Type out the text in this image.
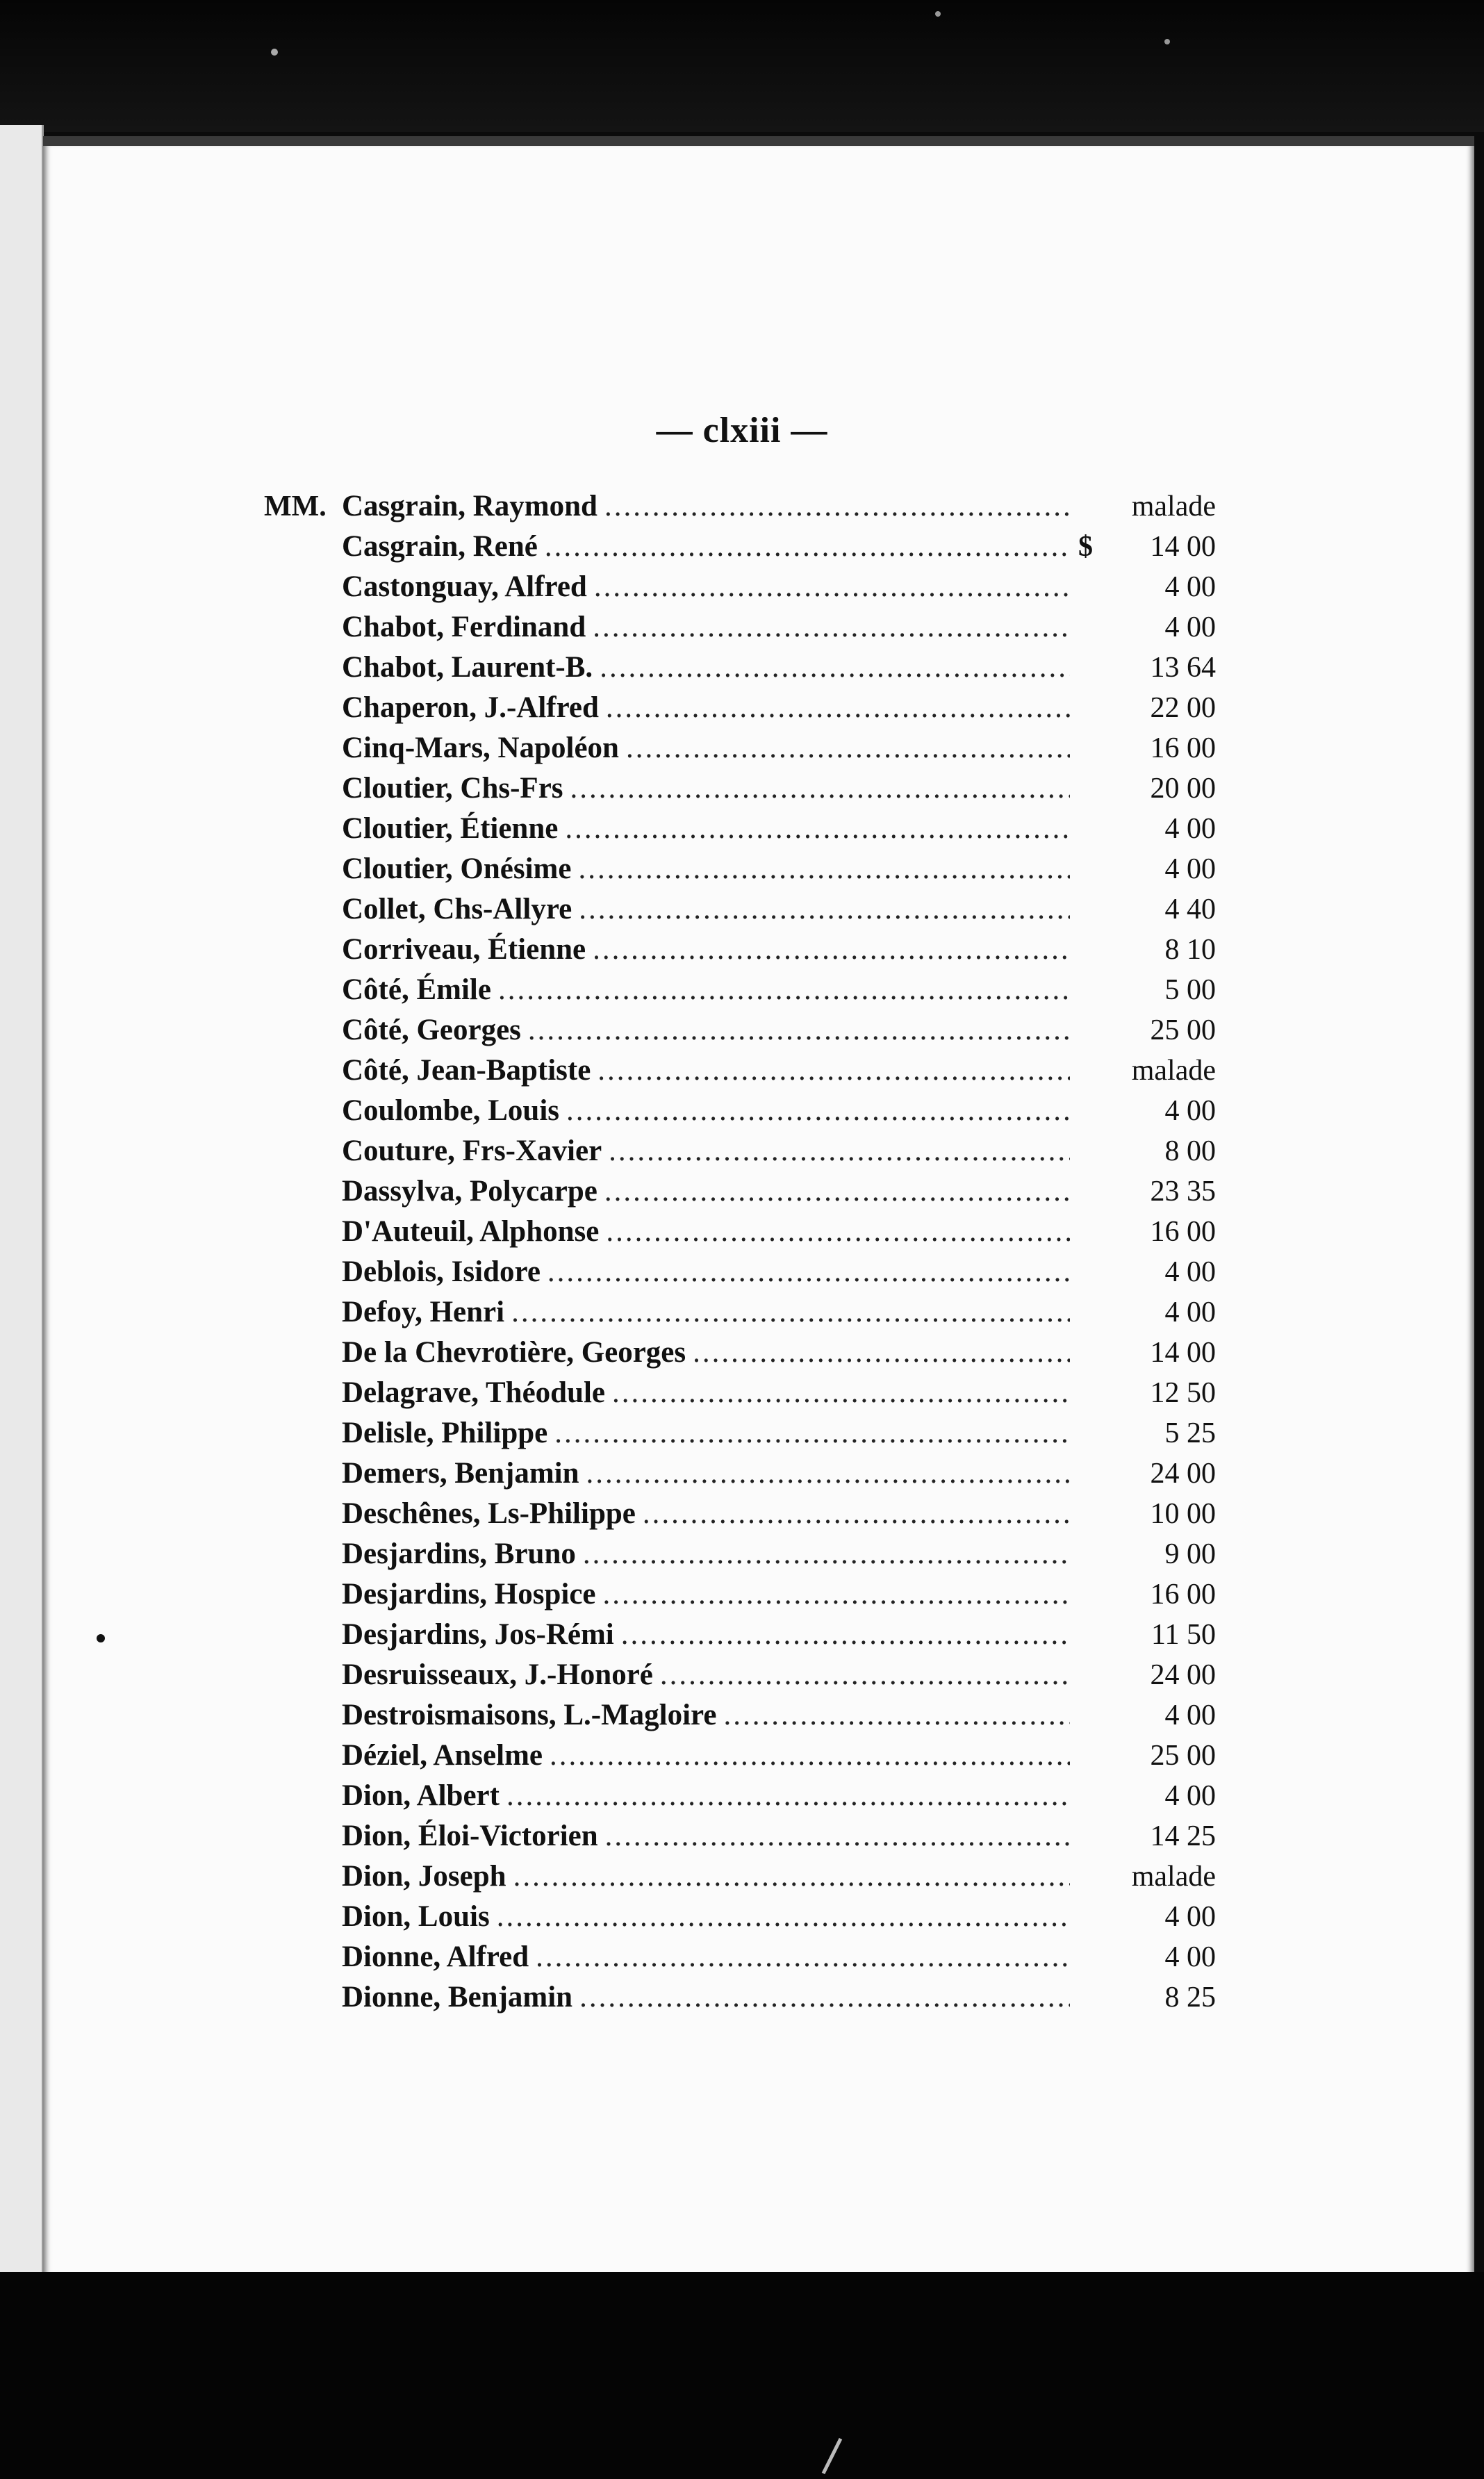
— clxiii —
MM. Casgrain, Raymond .....	malade
Casgrain, René .....	$	14 00
Castonguay, Alfred .....	4 00
Chabot, Ferdinand .....	4 00
Chabot, Laurent-B. .....	13 64
Chaperon, J.-Alfred .....	22 00
Cinq-Mars, Napoléon .....	16 00
Cloutier, Chs-Frs .....	20 00
Cloutier, Étienne .....	4 00
Cloutier, Onésime .....	4 00
Collet, Chs-Allyre .....	4 40
Corriveau, Étienne .....	8 10
Côté, Émile .....	5 00
Côté, Georges .....	25 00
Côté, Jean-Baptiste .....	malade
Coulombe, Louis .....	4 00
Couture, Frs-Xavier .....	8 00
Dassylva, Polycarpe .....	23 35
D'Auteuil, Alphonse .....	16 00
Deblois, Isidore .....	4 00
Defoy, Henri .....	4 00
De la Chevrotière, Georges .....	14 00
Delagrave, Théodule .....	12 50
Delisle, Philippe .....	5 25
Demers, Benjamin .....	24 00
Deschênes, Ls-Philippe .....	10 00
Desjardins, Bruno .....	9 00
Desjardins, Hospice .....	16 00
Desjardins, Jos-Rémi .....	11 50
Desruisseaux, J.-Honoré .....	24 00
Destroismaisons, L.-Magloire .....	4 00
Déziel, Anselme .....	25 00
Dion, Albert .....	4 00
Dion, Éloi-Victorien .....	14 25
Dion, Joseph .....	malade
Dion, Louis .....	4 00
Dionne, Alfred .....	4 00
Dionne, Benjamin .....	8 25
